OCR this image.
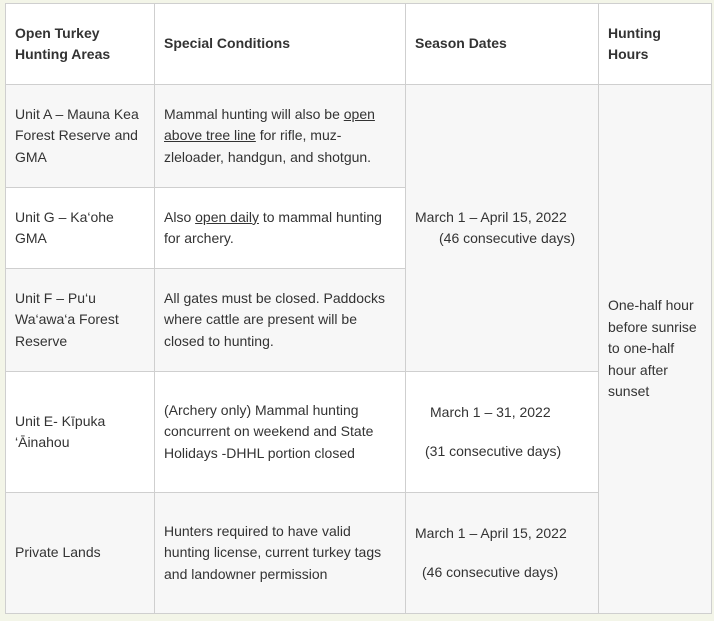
Open Turkey Hunting Areas	Special Conditions	Season Dates	Hunting Hours
Unit A – Mauna Kea Forest Reserve and GMA	Mammal hunting will also be open above tree line for rifle, muzzleloader, handgun, and shotgun.	March 1 – April 15, 2022 (46 consecutive days)	One-half hour before sunrise to one-half hour after sunset
Unit G – Ka‘ohe GMA	Also open daily to mammal hunting for archery.		
Unit F – Pu‘u Wa‘awa‘a Forest Reserve	All gates must be closed. Paddocks where cattle are present will be closed to hunting.		
Unit E- Kīpuka ‘Āinahou	(Archery only) Mammal hunting concurrent on weekend and State Holidays -DHHL portion closed	March 1 – 31, 2022
(31 consecutive days)	

Private Lands	Hunters required to have valid hunting license, current turkey tags and landowner permission	March 1 – April 15, 2022
(46 consecutive days)	
